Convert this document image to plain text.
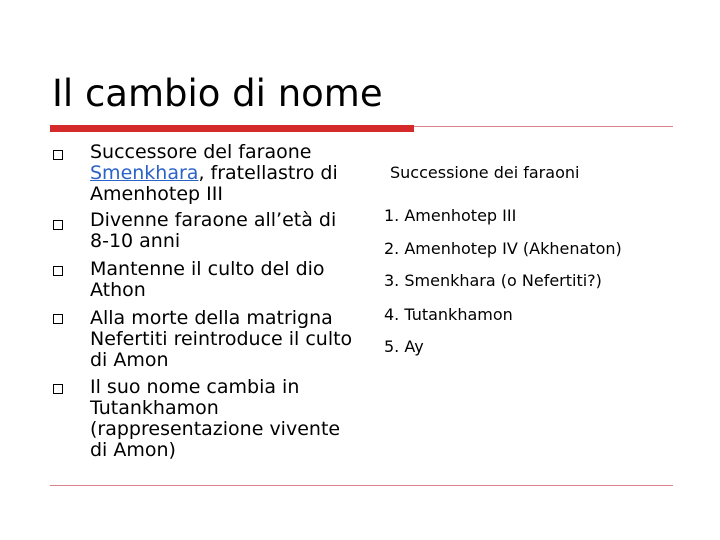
Il cambio di nome
Successore del faraone Smenkhara, fratellastro di Amenhotep III
Divenne faraone all’età di 8-10 anni
Mantenne il culto del dio Athon
Alla morte della matrigna Nefertiti reintroduce il culto di Amon
Il suo nome cambia in Tutankhamon (rappresentazione vivente di Amon)
Successione dei faraoni
1. Amenhotep III
2. Amenhotep IV (Akhenaton)
3. Smenkhara (o Nefertiti?)
4. Tutankhamon
5. Ay
